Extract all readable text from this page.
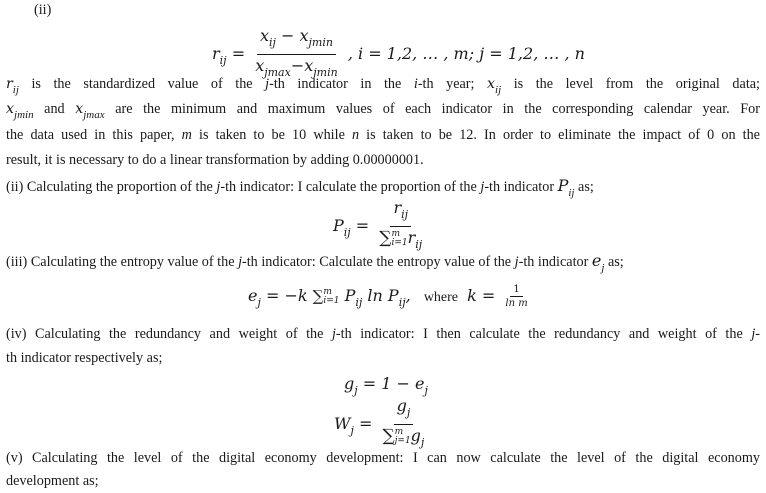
(ii)
$r_{ij} = \frac{x_{ij} - x_{jmin}}{x_{jmax}-x_{jmin}}$ , i = 1,2, … , m; j = 1,2, … , n
$r_{ij}$ is the standardized value of the j-th indicator in the i-th year; $x_{ij}$ is the level from the original data;
$x_{jmin}$ and $x_{jmax}$ are the minimum and maximum values of each indicator in the corresponding calendar year. For
the data used in this paper, m is taken to be 10 while n is taken to be 12. In order to eliminate the impact of 0 on the
result, it is necessary to do a linear transformation by adding 0.00000001.
(ii) Calculating the proportion of the j-th indicator: I calculate the proportion of the j-th indicator $P_{ij}$ as;
$P_{ij} = r_{ij}$
∑ m
i=1 $r_{ij}$
(iii) Calculating the entropy value of the j-th indicator: Calculate the entropy value of the j-th indicator $e_j$ as;
$e_j = -k$ ∑ m
i=1 $P_{ij}$ $\ln P_{ij}$, where $k = \frac{1}{\text{ln m}}$
(iv) Calculating the redundancy and weight of the j-th indicator: I then calculate the redundancy and weight of the j-
th indicator respectively as;
$g_j = 1 - e_j$
$W_j = g_j$
∑ m
j=1 $g_j$
(v) Calculating the level of the digital economy development: I can now calculate the level of the digital economy
development as;
